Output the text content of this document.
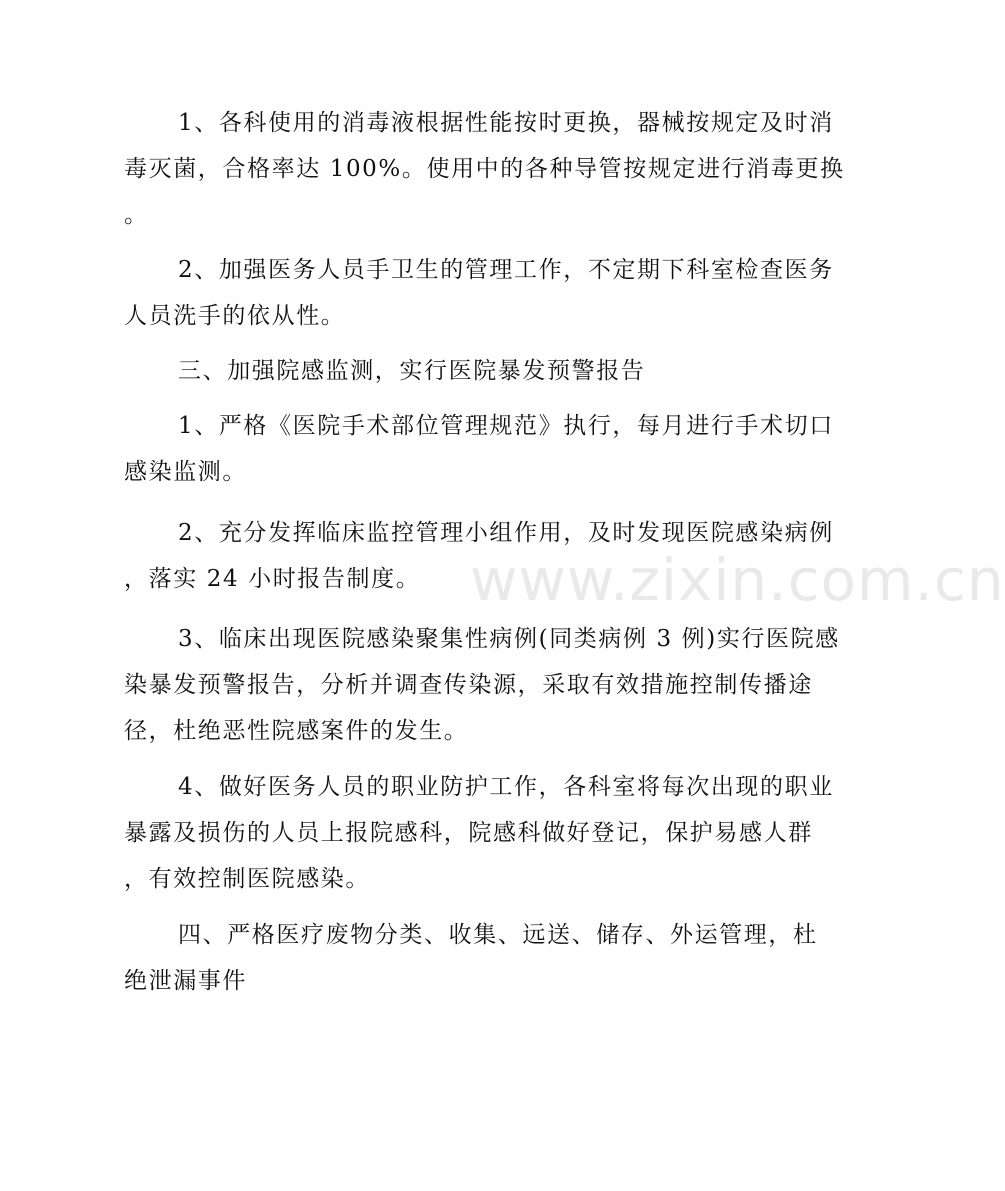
1、各科使用的消毒液根据性能按时更换，器械按规定及时消
毒灭菌，合格率达 100%。使用中的各种导管按规定进行消毒更换
。
2、加强医务人员手卫生的管理工作，不定期下科室检查医务
人员洗手的依从性。
三、加强院感监测，实行医院暴发预警报告
1、严格《医院手术部位管理规范》执行，每月进行手术切口
感染监测。
2、充分发挥临床监控管理小组作用，及时发现医院感染病例
，落实 24 小时报告制度。
3、临床出现医院感染聚集性病例(同类病例 3 例)实行医院感
染暴发预警报告，分析并调查传染源，采取有效措施控制传播途
径，杜绝恶性院感案件的发生。
4、做好医务人员的职业防护工作，各科室将每次出现的职业
暴露及损伤的人员上报院感科，院感科做好登记，保护易感人群
，有效控制医院感染。
四、严格医疗废物分类、收集、远送、储存、外运管理，杜
绝泄漏事件
www.zixin.com.cn
